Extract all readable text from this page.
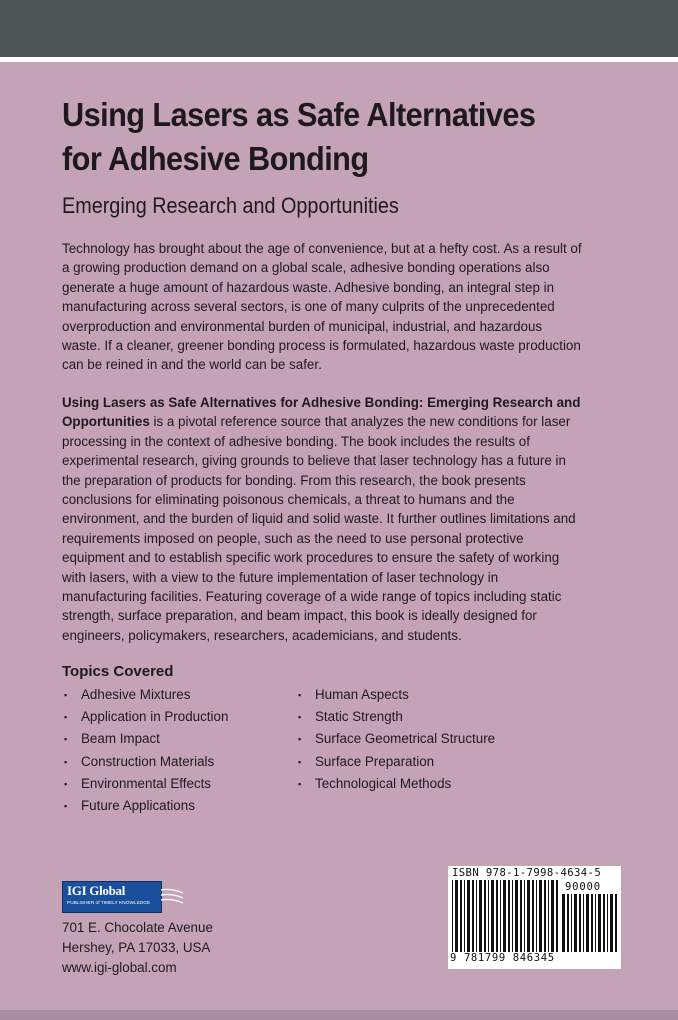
Using Lasers as Safe Alternatives
for Adhesive Bonding
Emerging Research and Opportunities

Technology has brought about the age of convenience, but at a hefty cost. As a result of a growing production demand on a global scale, adhesive bonding operations also generate a huge amount of hazardous waste. Adhesive bonding, an integral step in manufacturing across several sectors, is one of many culprits of the unprecedented overproduction and environmental burden of municipal, industrial, and hazardous waste. If a cleaner, greener bonding process is formulated, hazardous waste production can be reined in and the world can be safer.

Using Lasers as Safe Alternatives for Adhesive Bonding: Emerging Research and Opportunities is a pivotal reference source that analyzes the new conditions for laser processing in the context of adhesive bonding. The book includes the results of experimental research, giving grounds to believe that laser technology has a future in the preparation of products for bonding. From this research, the book presents conclusions for eliminating poisonous chemicals, a threat to humans and the environment, and the burden of liquid and solid waste. It further outlines limitations and requirements imposed on people, such as the need to use personal protective equipment and to establish specific work procedures to ensure the safety of working with lasers, with a view to the future implementation of laser technology in manufacturing facilities. Featuring coverage of a wide range of topics including static strength, surface preparation, and beam impact, this book is ideally designed for engineers, policymakers, researchers, academicians, and students.

Topics Covered
▪ Adhesive Mixtures
▪ Application in Production
▪ Beam Impact
▪ Construction Materials
▪ Environmental Effects
▪ Future Applications
▪ Human Aspects
▪ Static Strength
▪ Surface Geometrical Structure
▪ Surface Preparation
▪ Technological Methods
IGI Global
PUBLISHER of TIMELY KNOWLEDGE
701 E. Chocolate Avenue
Hershey, PA 17033, USA
www.igi-global.com
ISBN 978-1-7998-4634-5
90000
9 781799 846345
